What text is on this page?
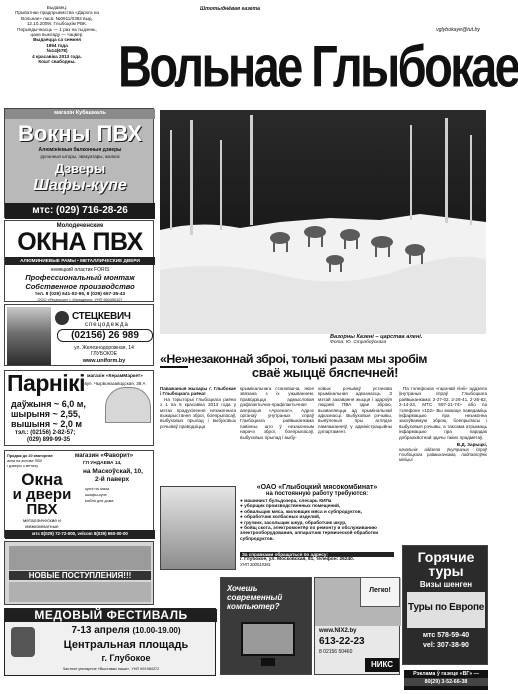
Выдавец:
Прыватнае прадпрыемства «Дарога на Вольнае» пасв. №0911/0362 выд.
12.10.2009г. Глыбоцкім РВК.
Перыядычнасць — 1 раз на тыдзень,
цана выкладу — чацвер.
Выдаецца са снежня
1994 года
№14(678)
4 красавіка 2013 года.
Кошт свабодны.
Штотыднёвая газета
vglybokaye@tut.by
Вольнае Глыбокае
магазін Кубашкаль
Вокны ПВХ
Алюмініевыя балконныя дзверы
рулонныя шторы, эвакуатары, жалюзі
Дзверы
Шафы-купе
мтс: (029) 716-28-26
Молодеченские
ОКНА ПВХ
АЛЮМИНИЕВЫЕ РАМЫ • МЕТАЛЛИЧЕСКИЕ ДВЕРИ
немецкий пластик FORIS
Профессиональный монтаж
Собственное производство
тел. 8 (029) 641-02-95, 8 (029) 657-35-43
ООО «Ресенсон» г. Молодечно, УНП 690490107
СТЕЦКЕВИЧ
спецодежда
(02156) 26 989
ул. Железнодорожная, 14
ГЛУБОКОЕ
www.uniform.by
Парнікі магазін «КерамМаркет»
вул. Чырвоназаводская, 38 А
даўжыня ~ 6,0 м,
шырыня ~ 2,55,
вышыня ~ 2,0 м
тэл.: (02156) 2-82-57;
(029) 899-99-35
Продаж до 20 кватэрнае
акна на аснове ПВХ
і дзверы з металу
магазин «Фаворит»
Окна
и двери
ПВХ
металлические и межкомнатные
ГЛ УНДАЕВА 14,
на Маскоўскай, 10,
2-й паверх
кухні на заказ
шкафы-купэ
мэбля для дома
мтс 8(029) 72-72-000, velcom 8(029) 660-00-00
НОВЫЕ ПОСТУПЛЕНИЯ!!!
МЕДОВЫЙ ФЕСТИВАЛЬ
7-13 апреля (10.00-19.00)
Центральная площадь
г. Глубокое
Частное унитарное «Выставки наши», УНП 691984372
Вазорны Казені – царства алені.
Фота: Ю. Страбоўскага
«Не»незаконнай зброі, толькі разам мы зробім
сваё жыццё бяспечней!

Паважаныя жыхары г. Глыбокае і Глыбоцкага раёна!

На тэрыторыі Глыбоцкага раёна з 1 па 5 красавіка 2013 года у мэтах прадухілення незаконнага выкарыстання зброі, боепрыпасаў, выбуховых прылад і выбуховых рэчываў праводзіцца

крымінальнага становішча, якое звязана з іх ужываннем, праводзіцца адмысловая дэфілактычна-прафілактычная аперацыя «Арсенал». Адрэс органаў унутраных спраў Глыбоцкага райвыканкама павінны, што ў незаконным нарачэ зброі, боепрыпасаў, выбуховых прылад і выбу-

ховых рэчываў установа крымінальная адказнасць. З мэтай захавання жыцця і здароўя людзей ПВА здае зброю, вызваляецца ад крымінальнай адказнасці. Выбуховыя рэчывы, выяўленыя пры аглядзе памяшканняў, у адміністрацыйны дэпартамент.

Па тэлефонах «гарачай лініі» аддзела ўнутраных спраў Глыбоцкага райвыканкама: 2-27-02, 2-26-41, 2-26-82, 2-14-23, МТС 597-21-74» або па тэлефоне «102» Вы можаце паведаміць інфармацыю пра незаконна захоўваемую зброю, боепрыпасы і выбуховыя рэчывы, а таксама атрымаць інфармацыю пра парадак добраахвотнай здачы таких прадметаў.

В.Д. Зарыцкі,

начальнік аддзела ўнутраных спраў Глыбоцкага райвыканкама, падпалкоўнік міліцыі

«ОАО «Глыбоцкий мясокомбинат»
на постоянную работу требуются:
● машинист бульдозера, слесарь КИПа
● уборщик производственных помещений,
● обвальщик мяса, жиловщик мяса и субпродуктов,
● обработчик колбасных изделий,
● грузчик, засольщик шкур, обработчик шкур,
● бойщ скота, электромонтёр по ремонту и обслуживанию электрооборудования, аппаратчик термической обработки субпродуктов.
За справками обращаться по адресу:
г. Глубокое, ул. Московская, 81, телефон: 26240.
УНП 300019381
Хочешь
современный
компьютер?
www.NIX2.by
613-22-23
8 02156 50460
НИКС
Легко!
Горячие
туры
Визы шенген
Туры по Европе
мтс 578-59-40
vel: 307-38-90
Рэклама ў газеце «ВГ» —
80(29) 3-52-66-38
